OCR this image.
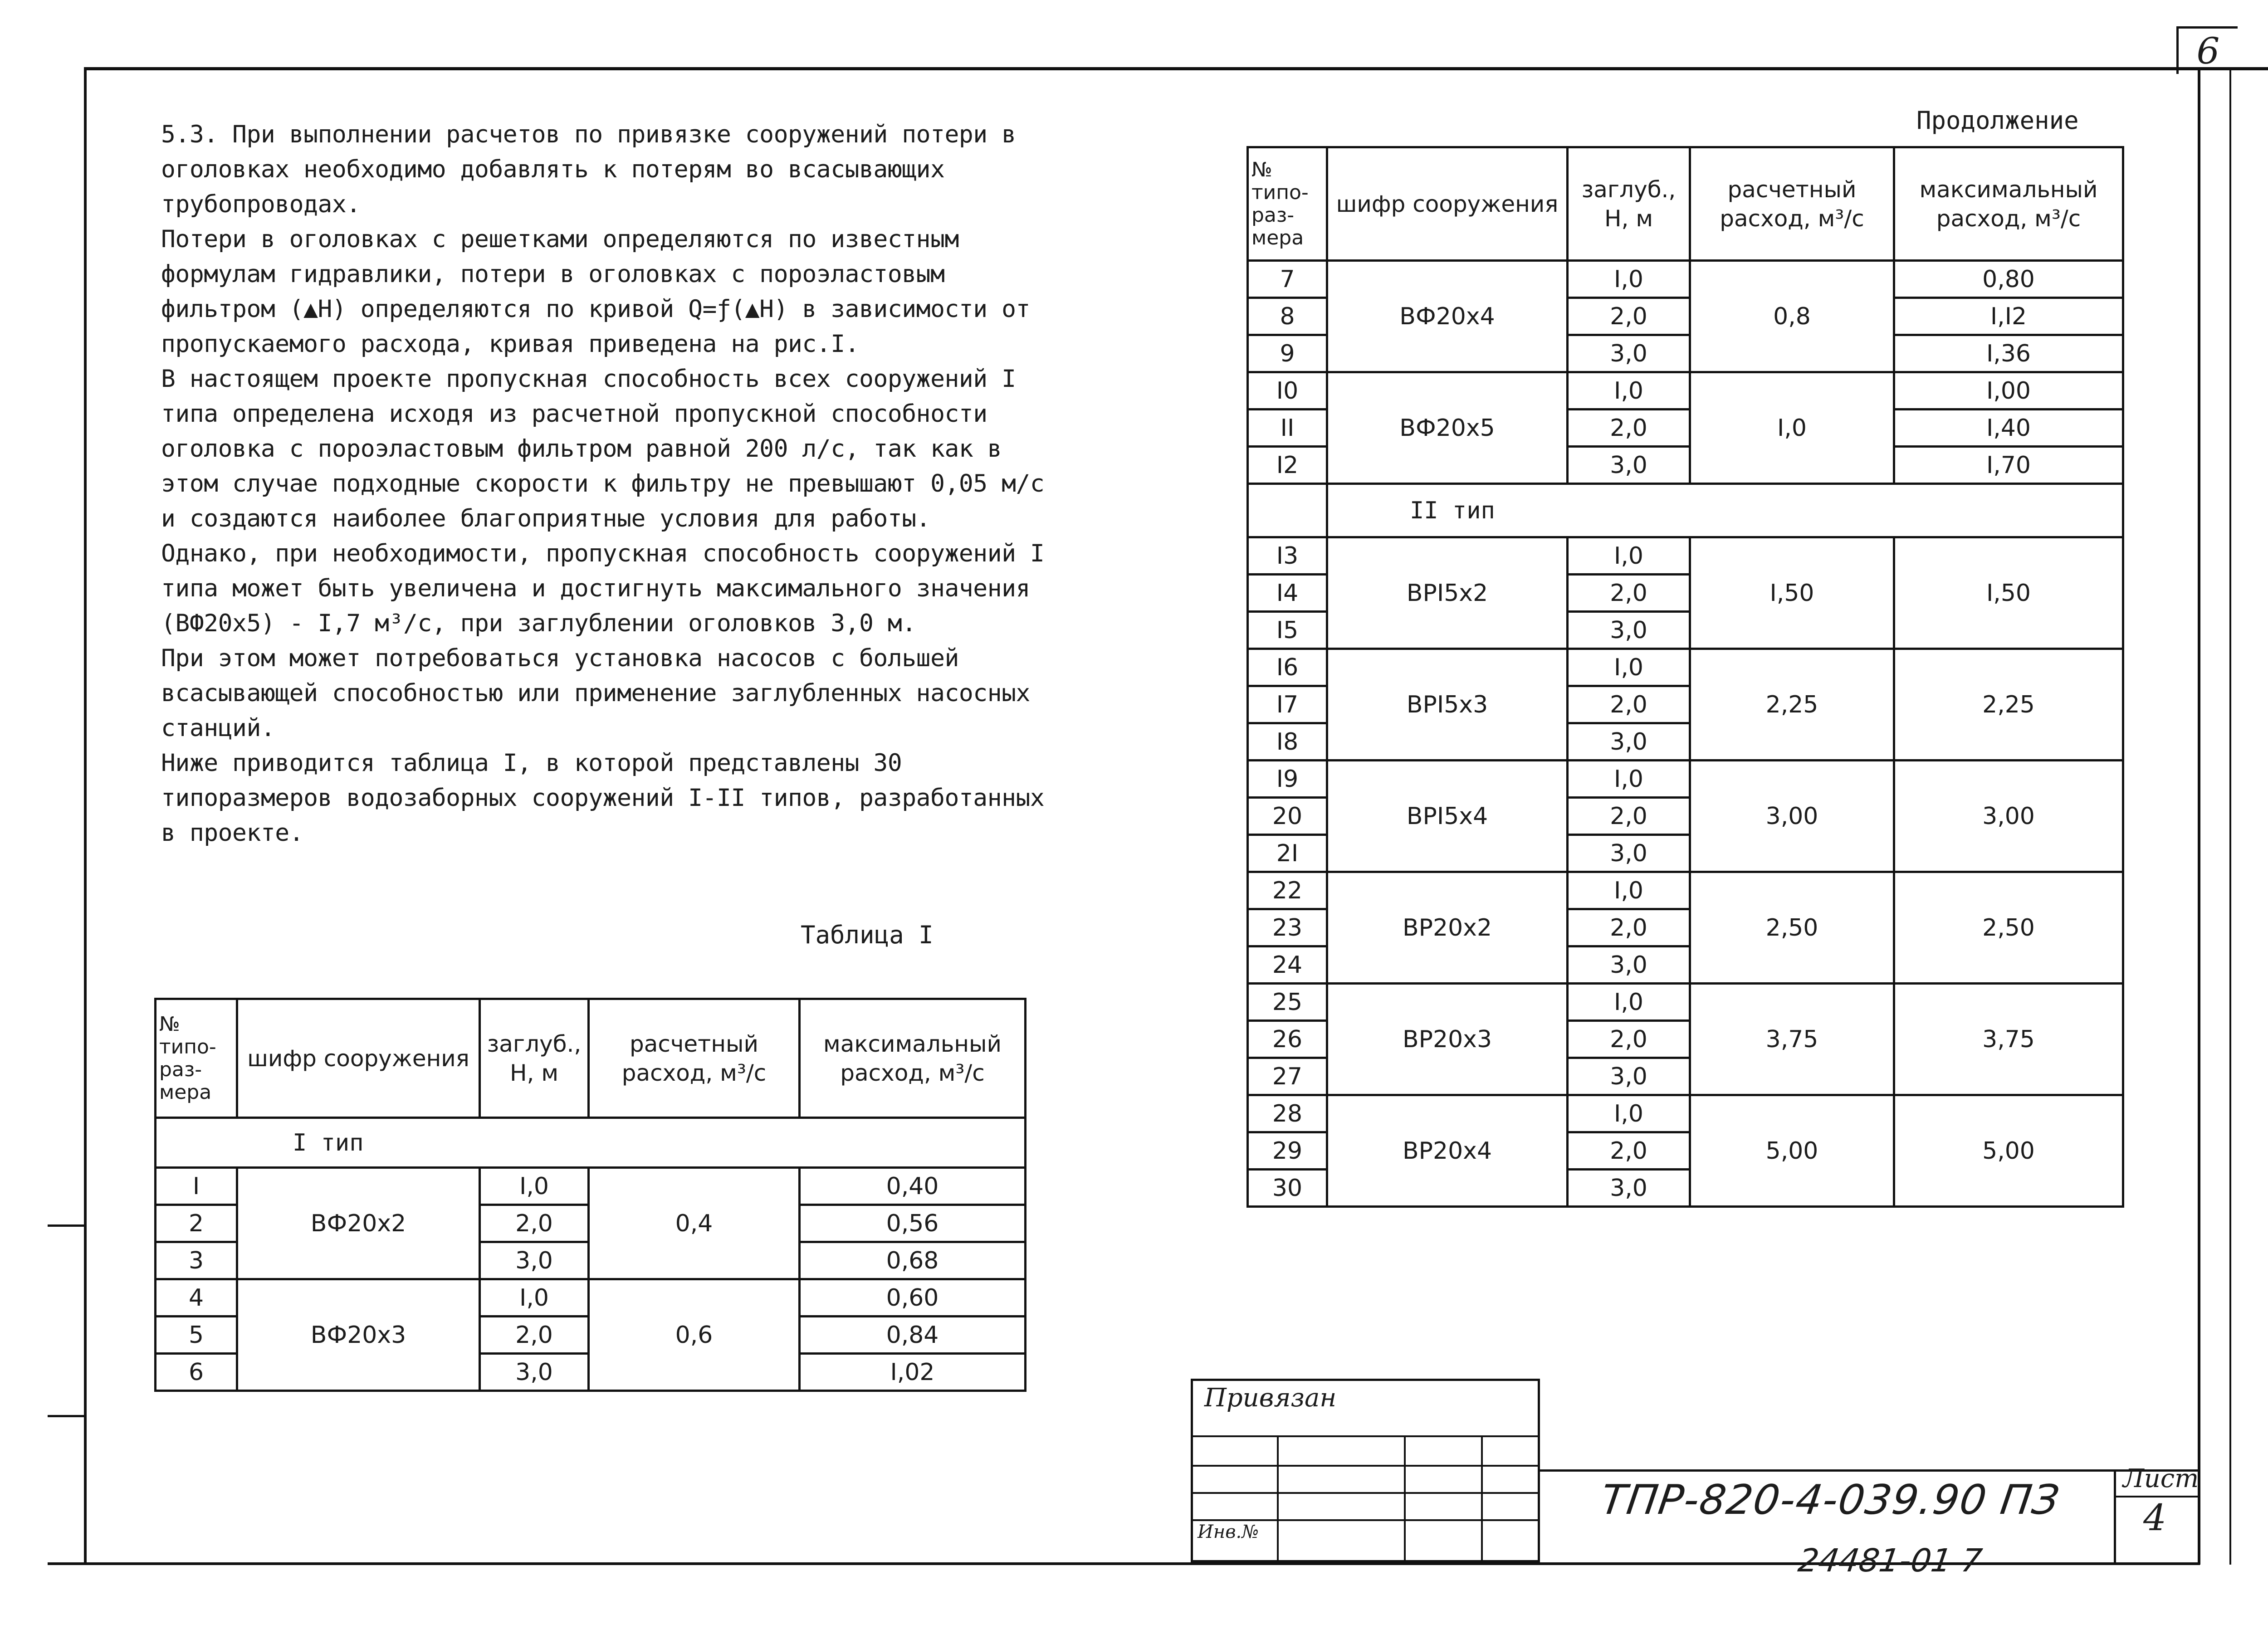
6

5.3. При выполнении расчетов по привязке сооружений потери в оголовках необходимо добавлять к потерям во всасывающих трубопроводах.

Потери в оголовках с решетками определяются по известным формулам гидравлики, потери в оголовках с пороэластовым фильтром (▲H) определяются по кривой Q=ƒ(▲H) в зависимости от пропускаемого расхода, кривая приведена на рис.I.

В настоящем проекте пропускная способность всех сооружений I типа определена исходя из расчетной пропускной способности оголовка с пороэластовым фильтром равной 200 л/с, так как в этом случае подходные скорости к фильтру не превышают 0,05 м/с и создаются наиболее благоприятные условия для работы.

Однако, при необходимости, пропускная способность сооружений I типа может быть увеличена и достигнуть максимального значения (ВФ20х5) - I,7 м³/с, при заглублении оголовков 3,0 м.

При этом может потребоваться установка насосов с большей всасывающей способностью или применение заглубленных насосных станций.

Ниже приводится таблица I, в которой представлены 30 типоразмеров водозаборных сооружений I-II типов, разработанных в проекте.

Таблица I
Продолжение
№ типо-раз-мера	шифр сооружения	заглуб., H, м	расчетный расход, м³/с	максимальный расход, м³/с
I тип				
I	ВФ20х2	I,0	0,4	0,40
2		2,0		0,56
3		3,0		0,68
4	ВФ20х3	I,0	0,6	0,60
5		2,0		0,84
6		3,0		I,02
№ типо-раз-мера	шифр сооружения	заглуб., H, м	расчетный расход, м³/с	максимальный расход, м³/с
7	ВФ20х4	I,0	0,8	0,80
8		2,0		I,I2
9		3,0		I,36
I0	ВФ20х5	I,0	I,0	I,00
II		2,0		I,40
I2		3,0		I,70
	II тип			
I3	ВРI5х2	I,0	I,50	I,50
I4		2,0		
I5		3,0		
I6	ВРI5х3	I,0	2,25	2,25
I7		2,0		
I8		3,0		
I9	ВРI5х4	I,0	3,00	3,00
20		2,0		
2I		3,0		
22	ВР20х2	I,0	2,50	2,50
23		2,0		
24		3,0		
25	ВР20х3	I,0	3,75	3,75
26		2,0		
27		3,0		
28	ВР20х4	I,0	5,00	5,00
29		2,0		
30		3,0		
Привязан
Инв.№
ТПР-820-4-039.90 ПЗ Лист
4
24481-01 7
